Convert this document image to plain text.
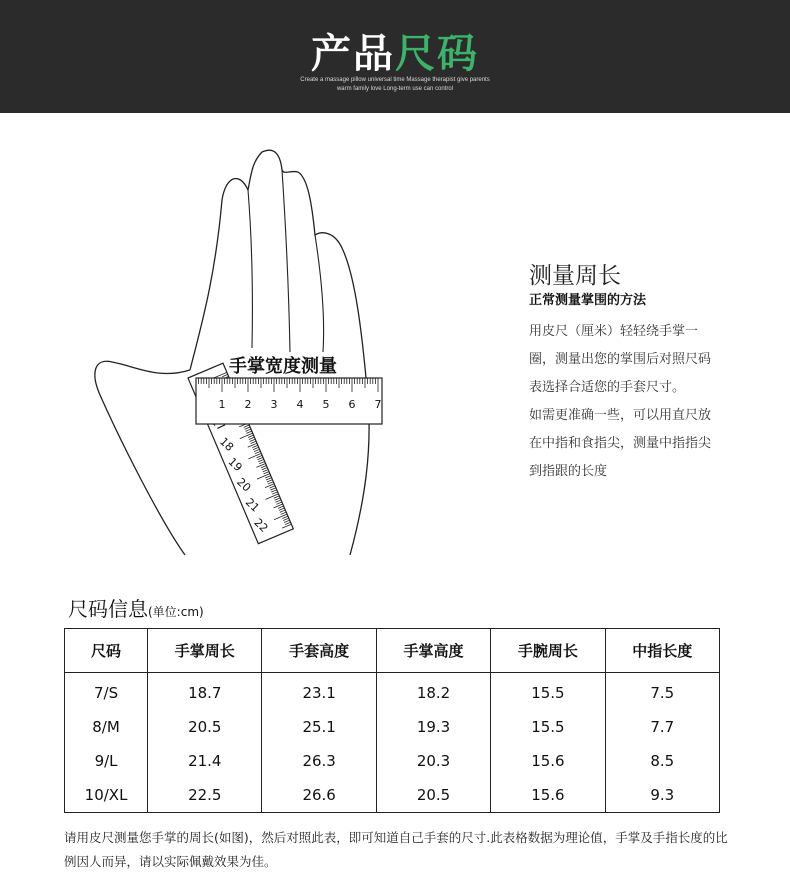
产品尺码
Create a massage pillow universal time Massage therapist give parents
warm family love Long-term use can control
18
19
20
21
22
1 2 3 4 5 6 7
手掌宽度测量
测量周长
正常测量掌围的方法
用皮尺（厘米）轻轻绕手掌一圈，测量出您的掌围后对照尺码表选择合适您的手套尺寸。
如需更准确一些，可以用直尺放在中指和食指尖，测量中指指尖到指跟的长度
尺码信息(单位:cm)
尺码	手掌周长	手套高度	手掌高度	手腕周长	中指长度
7/S	18.7	23.1	18.2	15.5	7.5
8/M	20.5	25.1	19.3	15.5	7.7
9/L	21.4	26.3	20.3	15.6	8.5
10/XL	22.5	26.6	20.5	15.6	9.3
请用皮尺测量您手掌的周长(如图)，然后对照此表，即可知道自己手套的尺寸.此表格数据为理论值，手掌及手指长度的比例因人而异，请以实际佩戴效果为佳。
